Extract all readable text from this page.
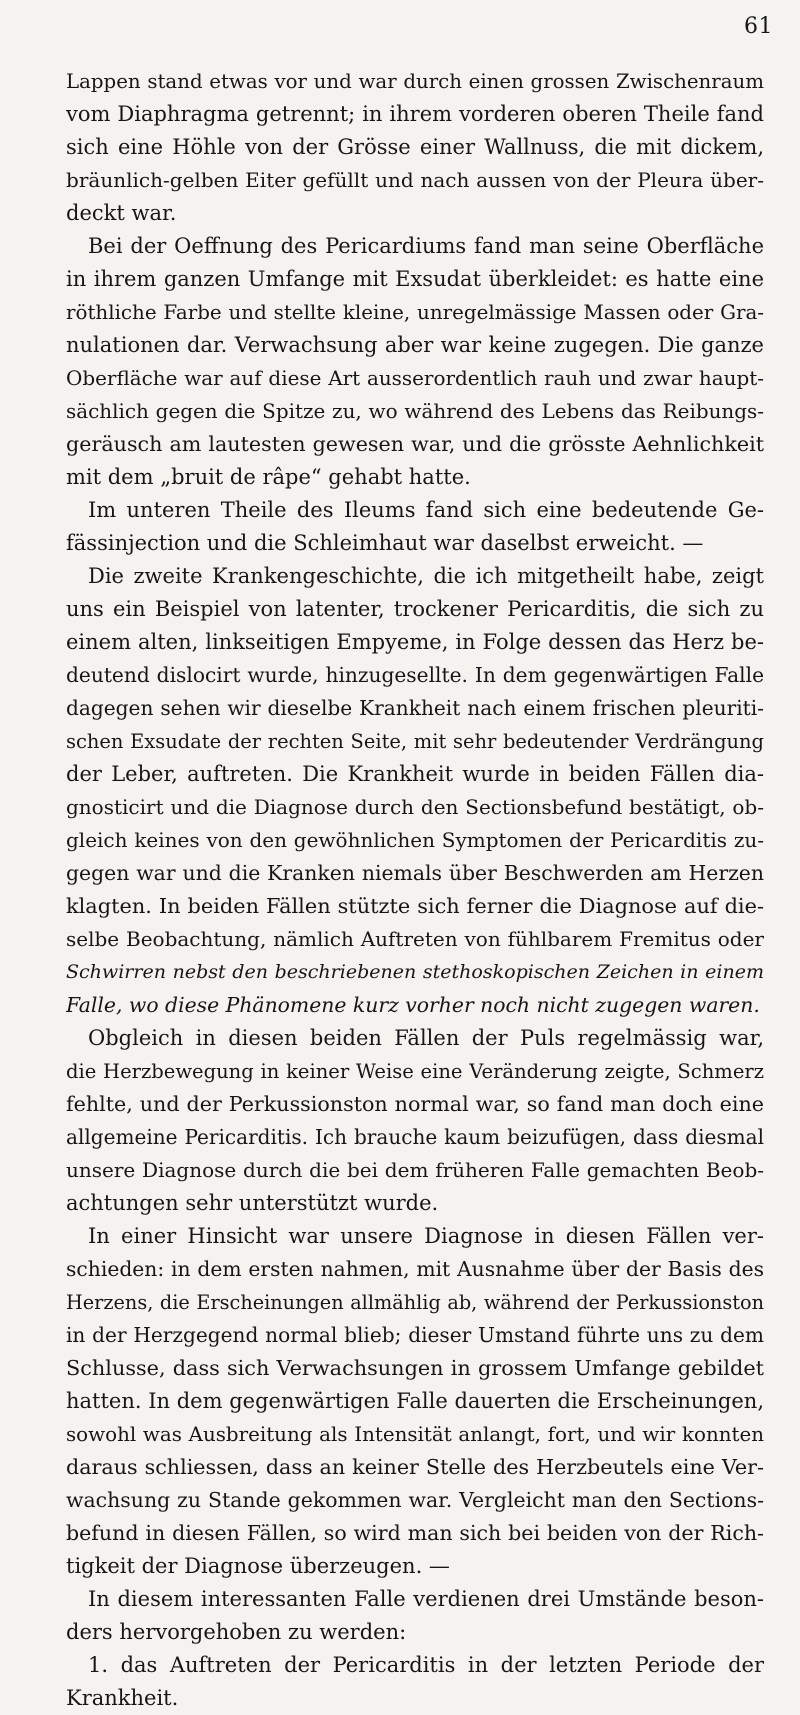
61
Lappen stand etwas vor und war durch einen grossen Zwischenraum
vom Diaphragma getrennt; in ihrem vorderen oberen Theile fand
sich eine Höhle von der Grösse einer Wallnuss, die mit dickem,
bräunlich-gelben Eiter gefüllt und nach aussen von der Pleura über-
deckt war.
Bei der Oeffnung des Pericardiums fand man seine Oberfläche
in ihrem ganzen Umfange mit Exsudat überkleidet: es hatte eine
röthliche Farbe und stellte kleine, unregelmässige Massen oder Gra-
nulationen dar. Verwachsung aber war keine zugegen. Die ganze
Oberfläche war auf diese Art ausserordentlich rauh und zwar haupt-
sächlich gegen die Spitze zu, wo während des Lebens das Reibungs-
geräusch am lautesten gewesen war, und die grösste Aehnlichkeit
mit dem „bruit de râpe“ gehabt hatte.
Im unteren Theile des Ileums fand sich eine bedeutende Ge-
fässinjection und die Schleimhaut war daselbst erweicht. —
Die zweite Krankengeschichte, die ich mitgetheilt habe, zeigt
uns ein Beispiel von latenter, trockener Pericarditis, die sich zu
einem alten, linkseitigen Empyeme, in Folge dessen das Herz be-
deutend dislocirt wurde, hinzugesellte. In dem gegenwärtigen Falle
dagegen sehen wir dieselbe Krankheit nach einem frischen pleuriti-
schen Exsudate der rechten Seite, mit sehr bedeutender Verdrängung
der Leber, auftreten. Die Krankheit wurde in beiden Fällen dia-
gnosticirt und die Diagnose durch den Sectionsbefund bestätigt, ob-
gleich keines von den gewöhnlichen Symptomen der Pericarditis zu-
gegen war und die Kranken niemals über Beschwerden am Herzen
klagten. In beiden Fällen stützte sich ferner die Diagnose auf die-
selbe Beobachtung, nämlich Auftreten von fühlbarem Fremitus oder
Schwirren nebst den beschriebenen stethoskopischen Zeichen in einem
Falle, wo diese Phänomene kurz vorher noch nicht zugegen waren.
Obgleich in diesen beiden Fällen der Puls regelmässig war,
die Herzbewegung in keiner Weise eine Veränderung zeigte, Schmerz
fehlte, und der Perkussionston normal war, so fand man doch eine
allgemeine Pericarditis. Ich brauche kaum beizufügen, dass diesmal
unsere Diagnose durch die bei dem früheren Falle gemachten Beob-
achtungen sehr unterstützt wurde.
In einer Hinsicht war unsere Diagnose in diesen Fällen ver-
schieden: in dem ersten nahmen, mit Ausnahme über der Basis des
Herzens, die Erscheinungen allmählig ab, während der Perkussionston
in der Herzgegend normal blieb; dieser Umstand führte uns zu dem
Schlusse, dass sich Verwachsungen in grossem Umfange gebildet
hatten. In dem gegenwärtigen Falle dauerten die Erscheinungen,
sowohl was Ausbreitung als Intensität anlangt, fort, und wir konnten
daraus schliessen, dass an keiner Stelle des Herzbeutels eine Ver-
wachsung zu Stande gekommen war. Vergleicht man den Sections-
befund in diesen Fällen, so wird man sich bei beiden von der Rich-
tigkeit der Diagnose überzeugen. —
In diesem interessanten Falle verdienen drei Umstände beson-
ders hervorgehoben zu werden:
1. das Auftreten der Pericarditis in der letzten Periode der
Krankheit.
